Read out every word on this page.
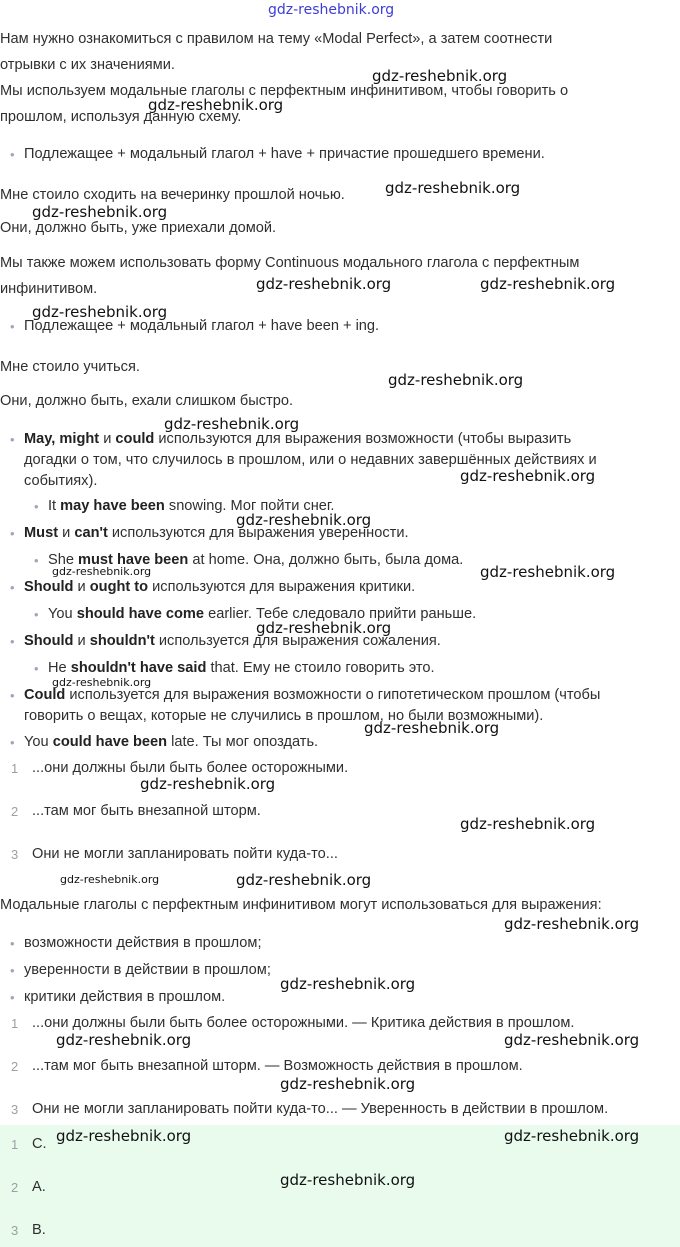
Нам нужно ознакомиться с правилом на тему «Modal Perfect», а затем соотнести
отрывки с их значениями.
Мы используем модальные глаголы с перфектным инфинитивом, чтобы говорить о
прошлом, используя данную схему.
• Подлежащее + модальный глагол + have + причастие прошедшего времени.
Мне стоило сходить на вечеринку прошлой ночью.
Они, должно быть, уже приехали домой.
Мы также можем использовать форму Continuous модального глагола с перфектным
инфинитивом.
• Подлежащее + модальный глагол + have been + ing.
Мне стоило учиться.
Они, должно быть, ехали слишком быстро.
• May, might и could используются для выражения возможности (чтобы выразить
догадки о том, что случилось в прошлом, или о недавних завершённых действиях и
событиях).
• It may have been snowing. Мог пойти снег.
• Must и can't используются для выражения уверенности.
• She must have been at home. Она, должно быть, была дома.
• Should и ought to используются для выражения критики.
• You should have come earlier. Тебе следовало прийти раньше.
• Should и shouldn't используется для выражения сожаления.
• He shouldn't have said that. Ему не стоило говорить это.
• Could используется для выражения возможности о гипотетическом прошлом (чтобы
говорить о вещах, которые не случились в прошлом, но были возможными).
• You could have been late. Ты мог опоздать.
1 ...они должны были быть более осторожными.
2 ...там мог быть внезапной шторм.
3 Они не могли запланировать пойти куда-то...
Модальные глаголы с перфектным инфинитивом могут использоваться для выражения:
• возможности действия в прошлом;
• уверенности в действии в прошлом;
• критики действия в прошлом.
1 ...они должны были быть более осторожными. — Критика действия в прошлом.
2 ...там мог быть внезапной шторм. — Возможность действия в прошлом.
3 Они не могли запланировать пойти куда-то... — Уверенность в действии в прошлом.
1 C.
2 A.
3 B.
gdz-reshebnik.org
gdz-reshebnik.org
gdz-reshebnik.org
gdz-reshebnik.org
gdz-reshebnik.org
gdz-reshebnik.org	gdz-reshebnik.org
gdz-reshebnik.org
gdz-reshebnik.org
gdz-reshebnik.org
gdz-reshebnik.org
gdz-reshebnik.org
gdz-reshebnik.org	gdz-reshebnik.org
gdz-reshebnik.org
gdz-reshebnik.org
gdz-reshebnik.org
gdz-reshebnik.org
gdz-reshebnik.org
gdz-reshebnik.org	gdz-reshebnik.org
gdz-reshebnik.org
gdz-reshebnik.org
gdz-reshebnik.org	gdz-reshebnik.org
gdz-reshebnik.org
gdz-reshebnik.org	gdz-reshebnik.org
gdz-reshebnik.org
